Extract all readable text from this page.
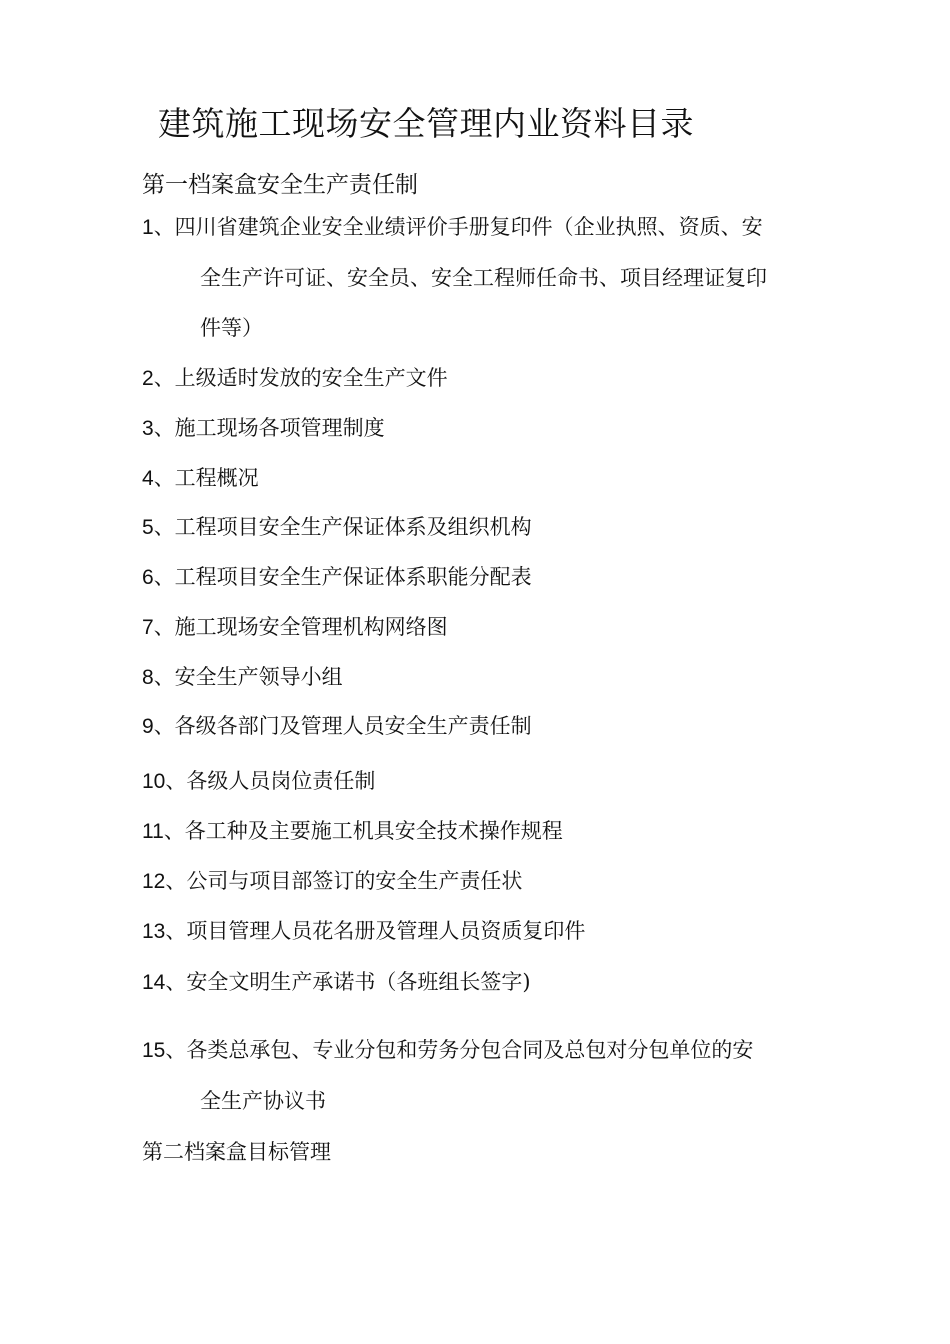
建筑施工现场安全管理内业资料目录
第一档案盒安全生产责任制
1、四川省建筑企业安全业绩评价手册复印件（企业执照、资质、安
全生产许可证、安全员、安全工程师任命书、项目经理证复印
件等）
2、上级适时发放的安全生产文件
3、施工现场各项管理制度
4、工程概况
5、工程项目安全生产保证体系及组织机构
6、工程项目安全生产保证体系职能分配表
7、施工现场安全管理机构网络图
8、安全生产领导小组
9、各级各部门及管理人员安全生产责任制
10、各级人员岗位责任制
11、各工种及主要施工机具安全技术操作规程
12、公司与项目部签订的安全生产责任状
13、项目管理人员花名册及管理人员资质复印件
14、安全文明生产承诺书（各班组长签字)
15、各类总承包、专业分包和劳务分包合同及总包对分包单位的安
全生产协议书
第二档案盒目标管理
